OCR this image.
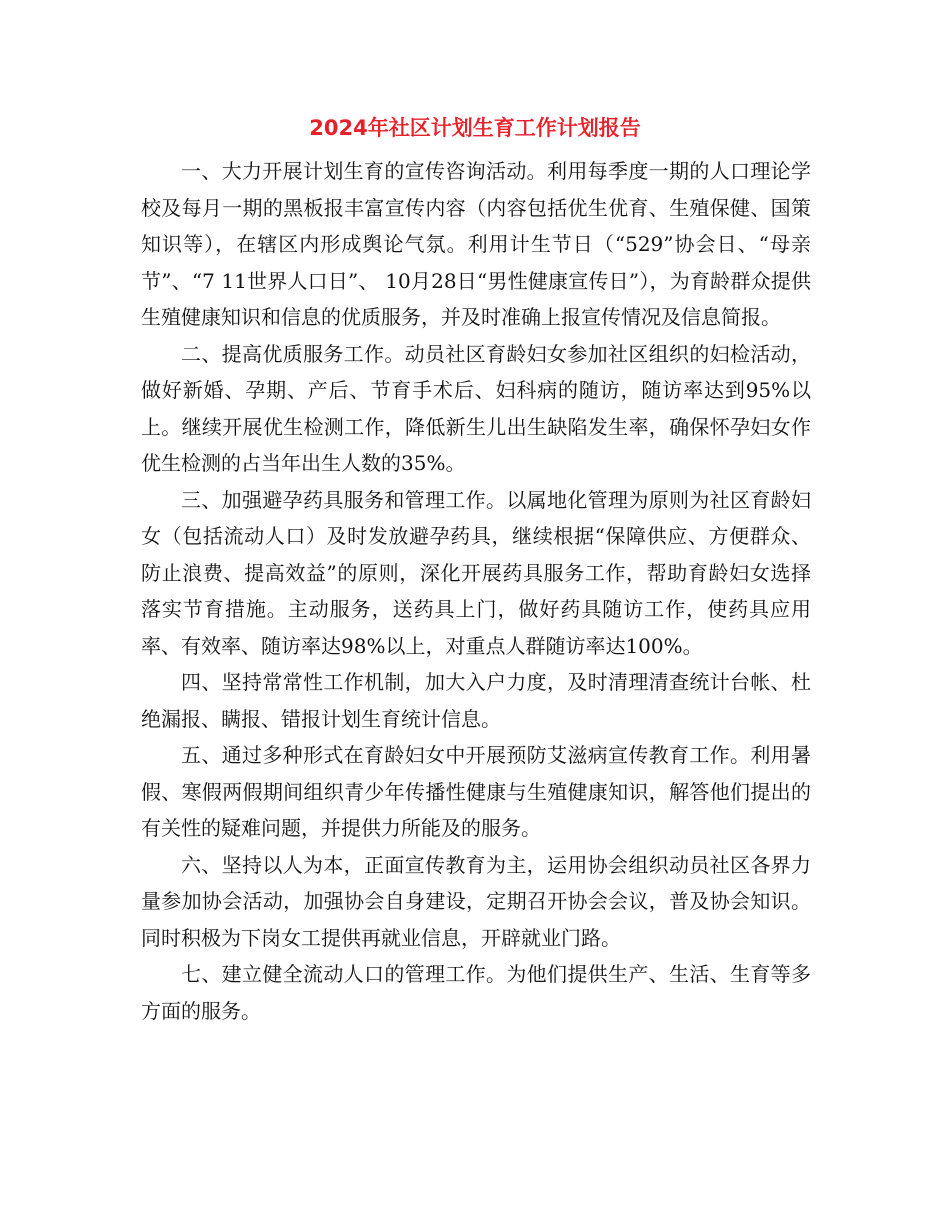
2024年社区计划生育工作计划报告

一、大力开展计划生育的宣传咨询活动。利用每季度一期的人口理论学校及每月一期的黑板报丰富宣传内容（内容包括优生优育、生殖保健、国策知识等），在辖区内形成舆论气氛。利用计生节日（“529”协会日、“母亲节”、“7 11世界人口日”、 10月28日“男性健康宣传日”），为育龄群众提供生殖健康知识和信息的优质服务，并及时准确上报宣传情况及信息简报。

二、提高优质服务工作。动员社区育龄妇女参加社区组织的妇检活动，做好新婚、孕期、产后、节育手术后、妇科病的随访，随访率达到95%以上。继续开展优生检测工作，降低新生儿出生缺陷发生率，确保怀孕妇女作优生检测的占当年出生人数的35%。

三、加强避孕药具服务和管理工作。以属地化管理为原则为社区育龄妇女（包括流动人口）及时发放避孕药具，继续根据“保障供应、方便群众、防止浪费、提高效益”的原则，深化开展药具服务工作，帮助育龄妇女选择落实节育措施。主动服务，送药具上门，做好药具随访工作，使药具应用率、有效率、随访率达98%以上，对重点人群随访率达100%。

四、坚持常常性工作机制，加大入户力度，及时清理清查统计台帐、杜绝漏报、瞒报、错报计划生育统计信息。

五、通过多种形式在育龄妇女中开展预防艾滋病宣传教育工作。利用暑假、寒假两假期间组织青少年传播性健康与生殖健康知识，解答他们提出的有关性的疑难问题，并提供力所能及的服务。

六、坚持以人为本，正面宣传教育为主，运用协会组织动员社区各界力量参加协会活动，加强协会自身建设，定期召开协会会议，普及协会知识。同时积极为下岗女工提供再就业信息，开辟就业门路。

七、建立健全流动人口的管理工作。为他们提供生产、生活、生育等多方面的服务。
